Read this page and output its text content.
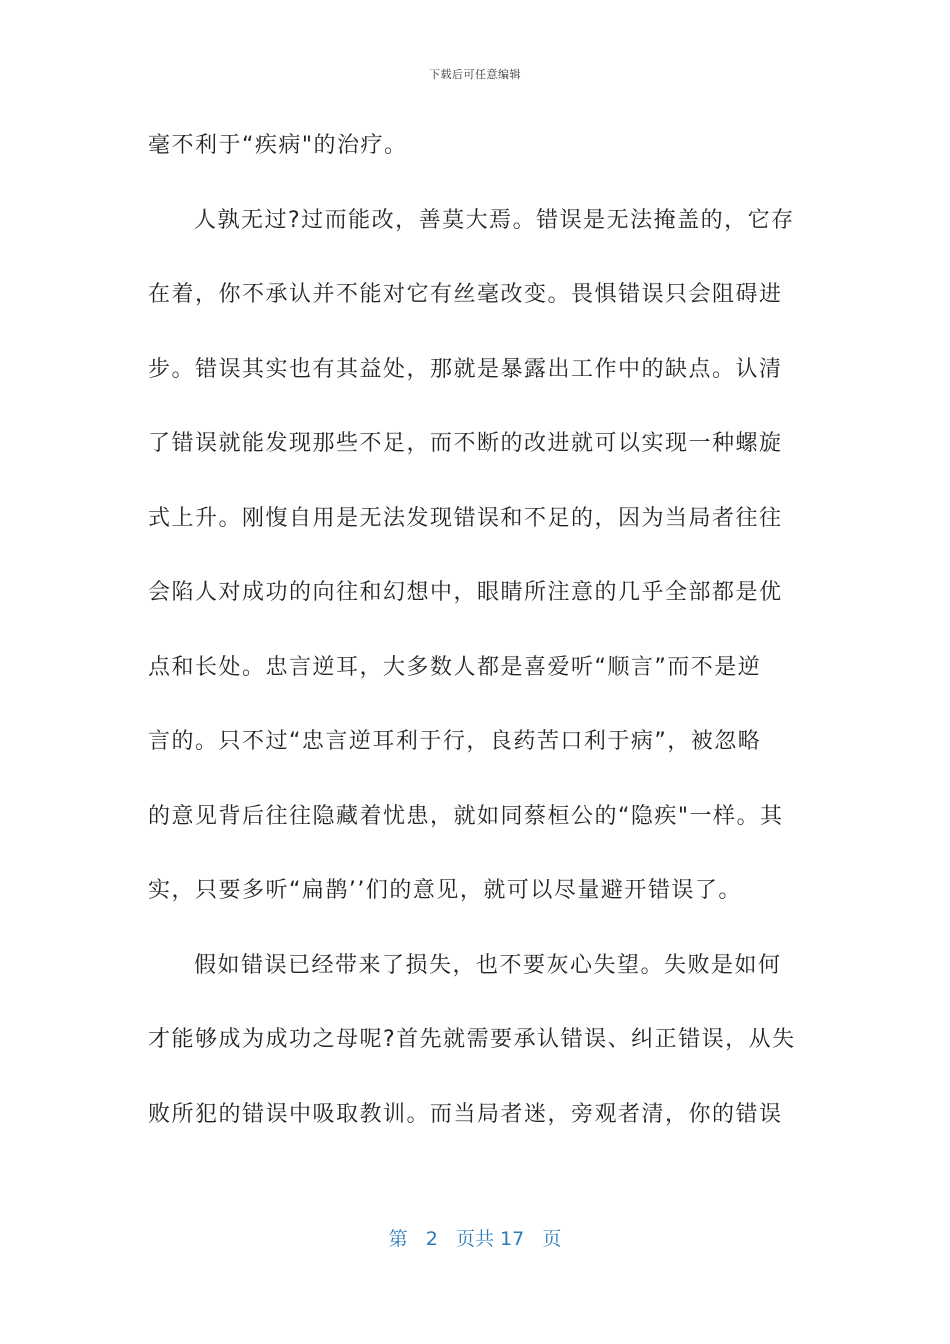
下载后可任意编辑
毫不利于“疾病"的治疗。
人孰无过?过而能改，善莫大焉。错误是无法掩盖的，它存
在着，你不承认并不能对它有丝毫改变。畏惧错误只会阻碍进
步。错误其实也有其益处，那就是暴露出工作中的缺点。认清
了错误就能发现那些不足，而不断的改进就可以实现一种螺旋
式上升。刚愎自用是无法发现错误和不足的，因为当局者往往
会陷人对成功的向往和幻想中，眼睛所注意的几乎全部都是优
点和长处。忠言逆耳，大多数人都是喜爱听“顺言”而不是逆
言的。只不过“忠言逆耳利于行，良药苦口利于病”，被忽略
的意见背后往往隐藏着忧患，就如同蔡桓公的“隐疾"一样。其
实，只要多听“扁鹊’’们的意见，就可以尽量避开错误了。
假如错误已经带来了损失，也不要灰心失望。失败是如何
才能够成为成功之母呢?首先就需要承认错误、纠正错误，从失
败所犯的错误中吸取教训。而当局者迷，旁观者清，你的错误
第 2 页共 17 页
